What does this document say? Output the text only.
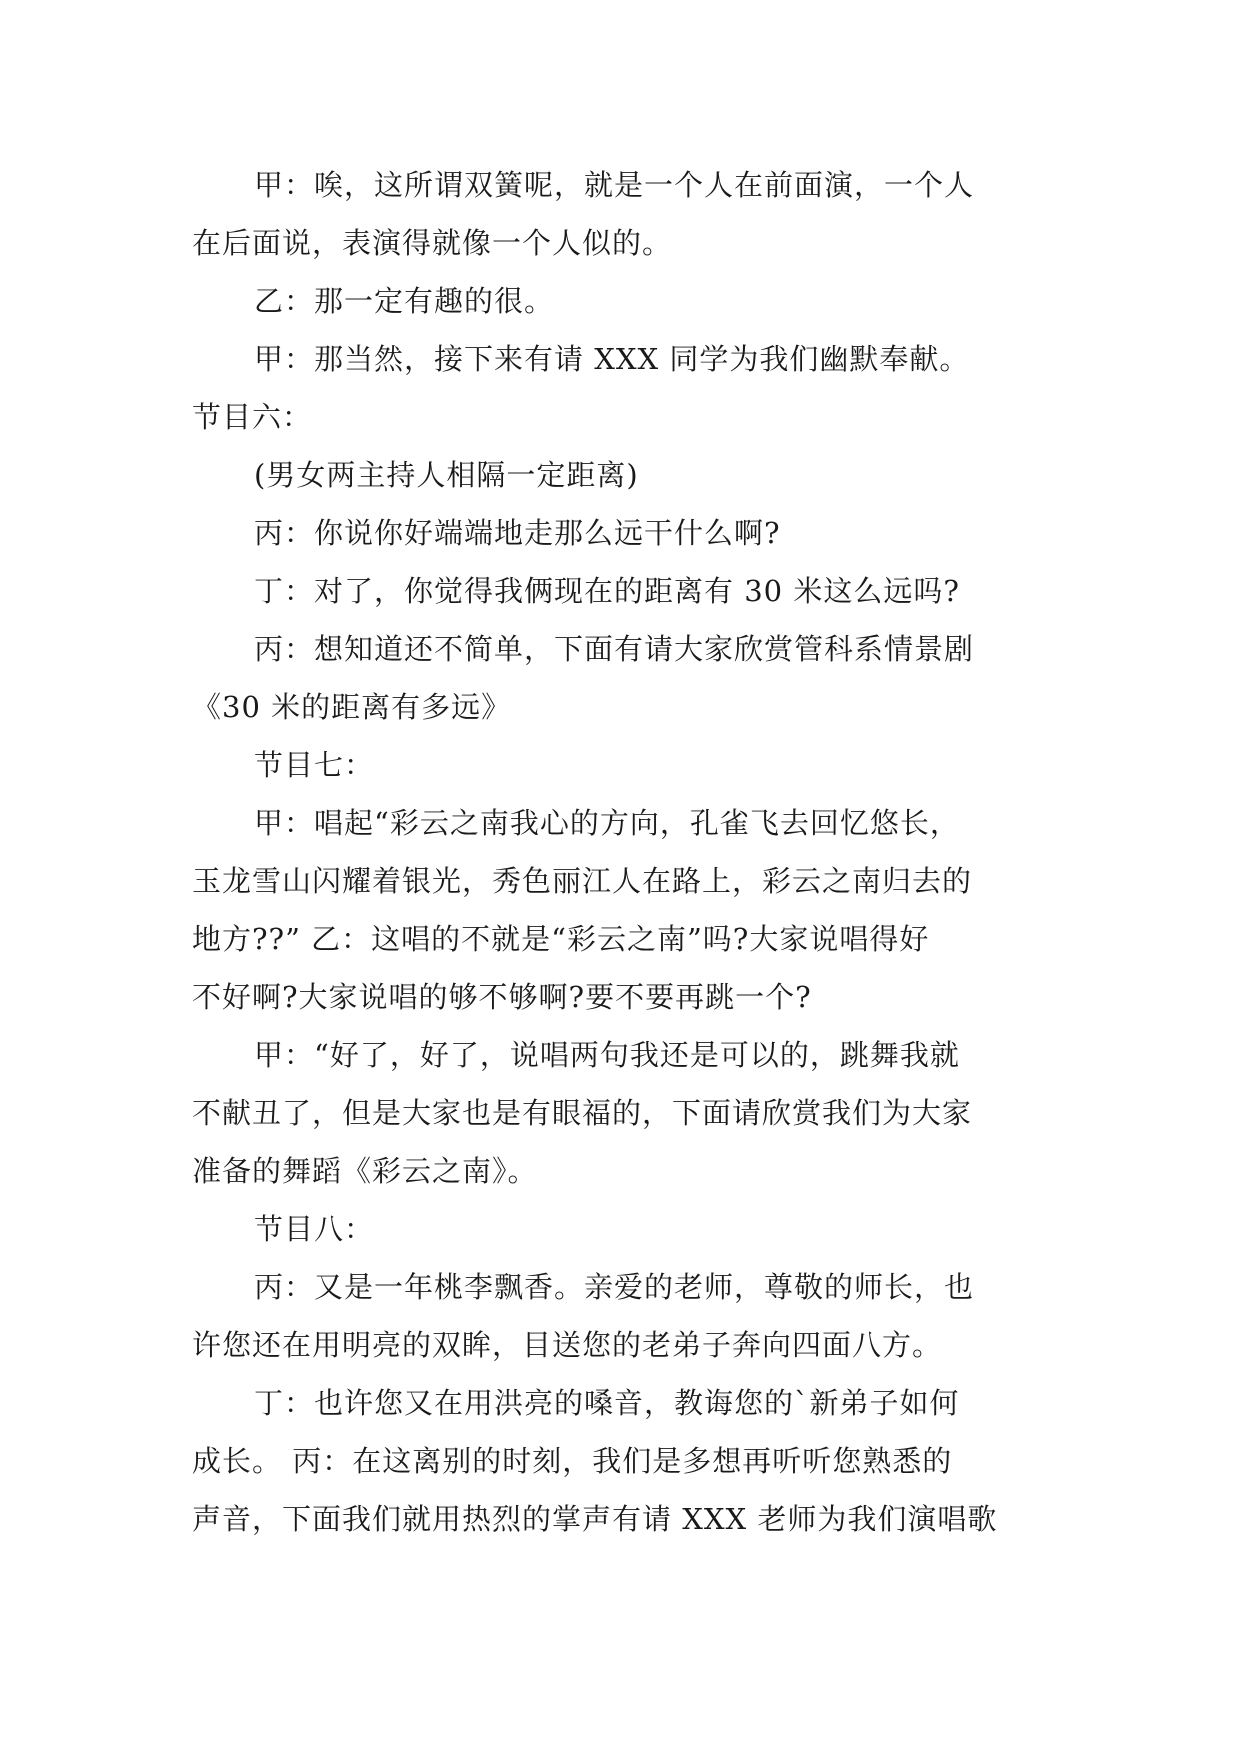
甲：唉，这所谓双簧呢，就是一个人在前面演，一个人
在后面说，表演得就像一个人似的。
乙：那一定有趣的很。
甲：那当然，接下来有请 XXX 同学为我们幽默奉献。
节目六：
(男女两主持人相隔一定距离)
丙：你说你好端端地走那么远干什么啊?
丁：对了，你觉得我俩现在的距离有 30 米这么远吗?
丙：想知道还不简单，下面有请大家欣赏管科系情景剧
《30 米的距离有多远》
节目七：
甲：唱起“彩云之南我心的方向，孔雀飞去回忆悠长，
玉龙雪山闪耀着银光，秀色丽江人在路上，彩云之南归去的
地方??” 乙：这唱的不就是“彩云之南”吗?大家说唱得好
不好啊?大家说唱的够不够啊?要不要再跳一个?
甲：“好了，好了，说唱两句我还是可以的，跳舞我就
不献丑了，但是大家也是有眼福的，下面请欣赏我们为大家
准备的舞蹈《彩云之南》。
节目八：
丙：又是一年桃李飘香。亲爱的老师，尊敬的师长，也
许您还在用明亮的双眸，目送您的老弟子奔向四面八方。
丁：也许您又在用洪亮的嗓音，教诲您的`新弟子如何
成长。 丙：在这离别的时刻，我们是多想再听听您熟悉的
声音，下面我们就用热烈的掌声有请 XXX 老师为我们演唱歌
